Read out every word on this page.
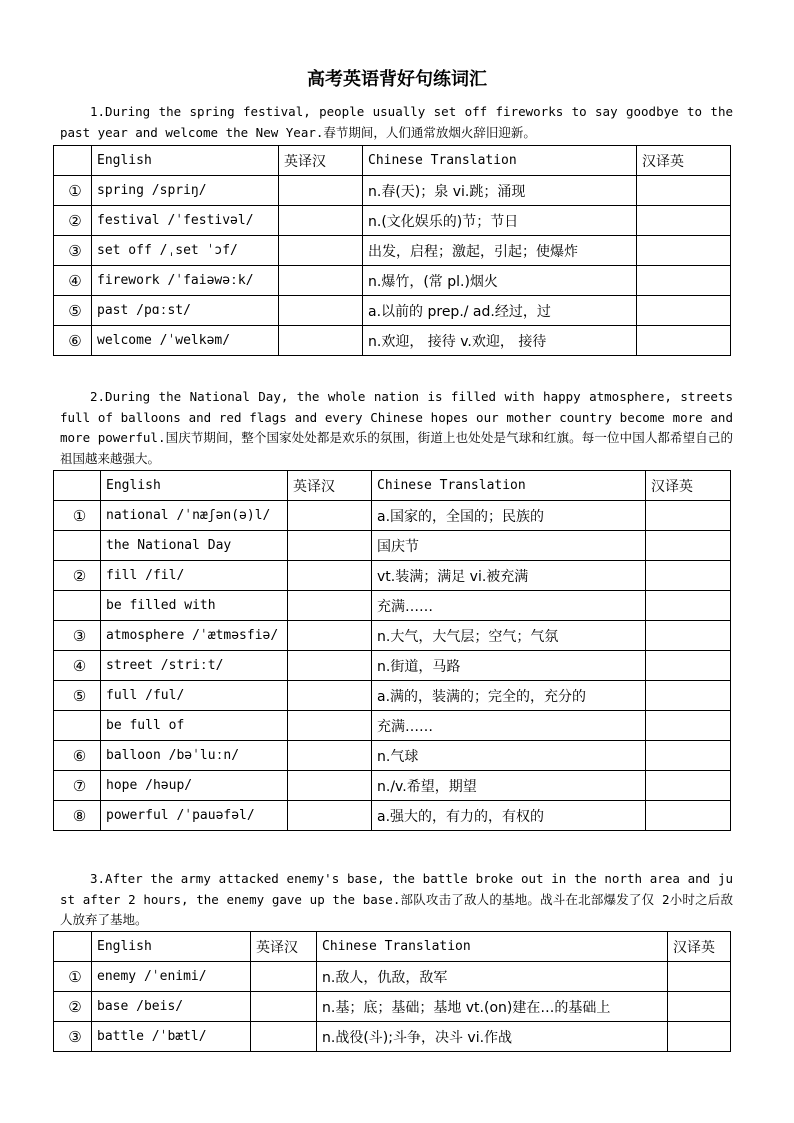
高考英语背好句练词汇

1.During the spring festival, people usually set off fireworks to say goodbye to the past year and welcome the New Year.春节期间，人们通常放烟火辞旧迎新。

	English	英译汉	Chinese Translation	汉译英
①	spring /spriŋ/		n.春(天)；泉 vi.跳；涌现	
②	festival /ˈfestivəl/		n.(文化娱乐的)节；节日	
③	set off /ˌset ˈɔf/		出发，启程；激起，引起；使爆炸	
④	firework /ˈfaiəwəːk/		n.爆竹，(常 pl.)烟火	
⑤	past /pɑːst/		a.以前的 prep./ ad.经过，过	
⑥	welcome /ˈwelkəm/		n.欢迎， 接待 v.欢迎， 接待	

2.During the National Day, the whole nation is filled with happy atmosphere, streets full of balloons and red flags and every Chinese hopes our mother country become more and more powerful.国庆节期间，整个国家处处都是欢乐的氛围，街道上也处处是气球和红旗。每一位中国人都希望自己的祖国越来越强大。

	English	英译汉	Chinese Translation	汉译英
①	national /ˈnæʃən(ə)l/		a.国家的，全国的；民族的	
	the National Day		国庆节	
②	fill /fil/		vt.装满；满足 vi.被充满	
	be filled with		充满……	
③	atmosphere /ˈætməsfiə/		n.大气，大气层；空气；气氛	
④	street /striːt/		n.街道，马路	
⑤	full /ful/		a.满的，装满的；完全的，充分的	
	be full of		充满……	
⑥	balloon /bəˈluːn/		n.气球	
⑦	hope /həup/		n./v.希望，期望	
⑧	powerful /ˈpauəfəl/		a.强大的，有力的，有权的	

3.After the army attacked enemy's base, the battle broke out in the north area and just after 2 hours, the enemy gave up the base.部队攻击了敌人的基地。战斗在北部爆发了仅 2小时之后敌人放弃了基地。

	English	英译汉	Chinese Translation	汉译英
①	enemy /ˈenimi/		n.敌人，仇敌，敌军	
②	base /beis/		n.基；底；基础；基地 vt.(on)建在…的基础上	
③	battle /ˈbætl/		n.战役(斗);斗争，决斗 vi.作战	
